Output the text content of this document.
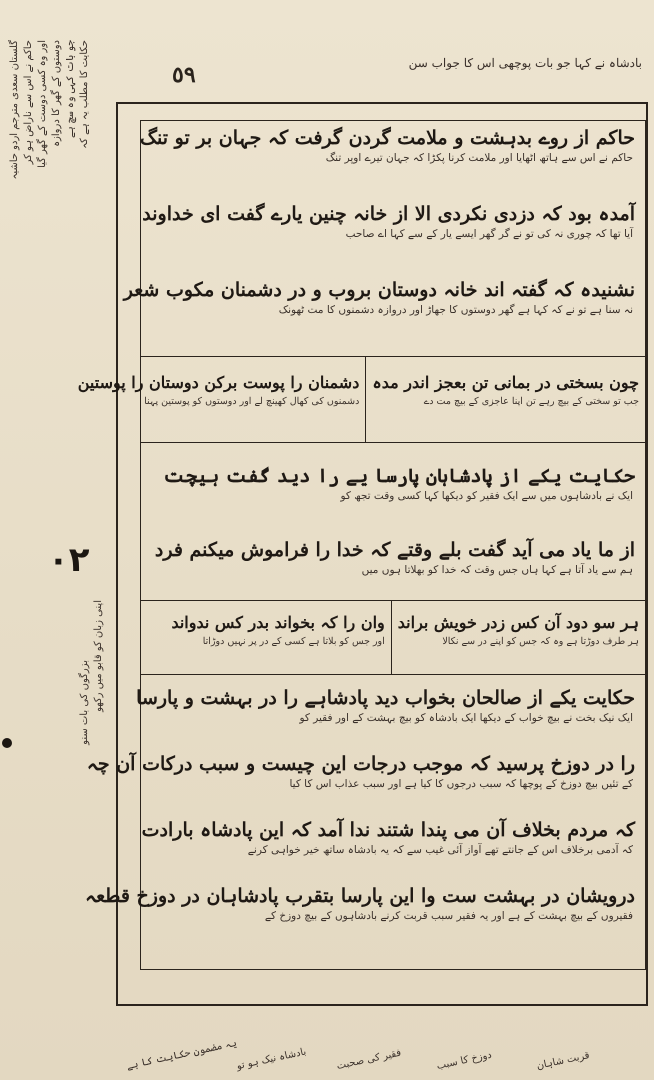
٥٩	بادشاہ نے کہا جو بات پوچھی اس کا جواب سن
گلستان سعدی مترجم اردو حاشیہ حاکم نے اس سے ناراض ہو کر اور وہ کسی دوست کے گھر گیا دوستوں کے گھر کا دروازہ جو بات کہی وہ سچ ہے حکایت کا مطلب یہ ہے کہ
اپنی زبان کو قابو میں رکھو
بزرگوں کی بات سنو
٠٢
حاکم از روے بدہشت و ملامت گردن گرفت کہ جہان بر تو تنگ
حاکم نے اس سے ہاتھ اٹھایا اور ملامت کرنا پکڑا کہ جہان تیرے اوپر تنگ
آمدہ بود کہ دزدی نکردی الا از خانہ چنین یارے گفت ای خداوند
آیا تھا کہ چوری نہ کی تو نے گر گھر ایسے یار کے سے کہا اے صاحب
نشنیدہ کہ گفتہ اند خانہ دوستان بروب و در دشمنان مکوب شعر
نہ سنا ہے تو نے کہ کہا ہے گھر دوستوں کا جھاڑ اور دروازہ دشمنوں کا مت ٹھونک
چون بسختی در بمانی تن بعجز اندر مدہ
جب تو سختی کے بیچ رہے تن اپنا عاجزی کے بیچ مت دے
دشمنان را پوست برکن دوستان را پوستین
دشمنوں کی کھال کھینچ لے اور دوستوں کو پوستین پہنا
حکایت یکے از پادشاہان پارسا یے را دید گفت ہیچت
ایک نے بادشاہوں میں سے ایک فقیر کو دیکھا کہا کسی وقت تجھ کو
از ما یاد می آید گفت بلے وقتے کہ خدا را فراموش میکنم فرد
ہم سے یاد آتا ہے کہا ہاں جس وقت کہ خدا کو بھلاتا ہوں میں
ہر سو دود آن کس زدر خویش براند
ہر طرف دوڑتا ہے وہ کہ جس کو اپنے در سے نکالا
وان را کہ بخواند بدر کس ندواند
اور جس کو بلاتا ہے کسی کے در پر نہیں دوڑاتا
حکایت یکے از صالحان بخواب دید پادشاہے را در بہشت و پارسا
ایک نیک بخت نے بیچ خواب کے دیکھا ایک بادشاہ کو بیچ بہشت کے اور فقیر کو
را در دوزخ پرسید کہ موجب درجات این چیست و سبب درکات آن چہ
کے تئیں بیچ دوزخ کے پوچھا کہ سبب درجوں کا کیا ہے اور سبب عذاب اس کا کیا
کہ مردم بخلاف آن می پندا شتند ندا آمد کہ این پادشاہ بارادت
کہ آدمی برخلاف اس کے جانتے تھے آواز آئی غیب سے کہ یہ بادشاہ ساتھ خیر خواہی کرنے
درویشان در بہشت ست وا این پارسا بتقرب پادشاہان در دوزخ قطعہ
فقیروں کے بیچ بہشت کے ہے اور یہ فقیر سبب قربت کرنے بادشاہوں کے بیچ دوزخ کے
یہ مضمون حکایت کا ہے
بادشاہ نیک ہو تو	فقیر کی صحبت	دوزخ کا سبب	قربت شاہان
